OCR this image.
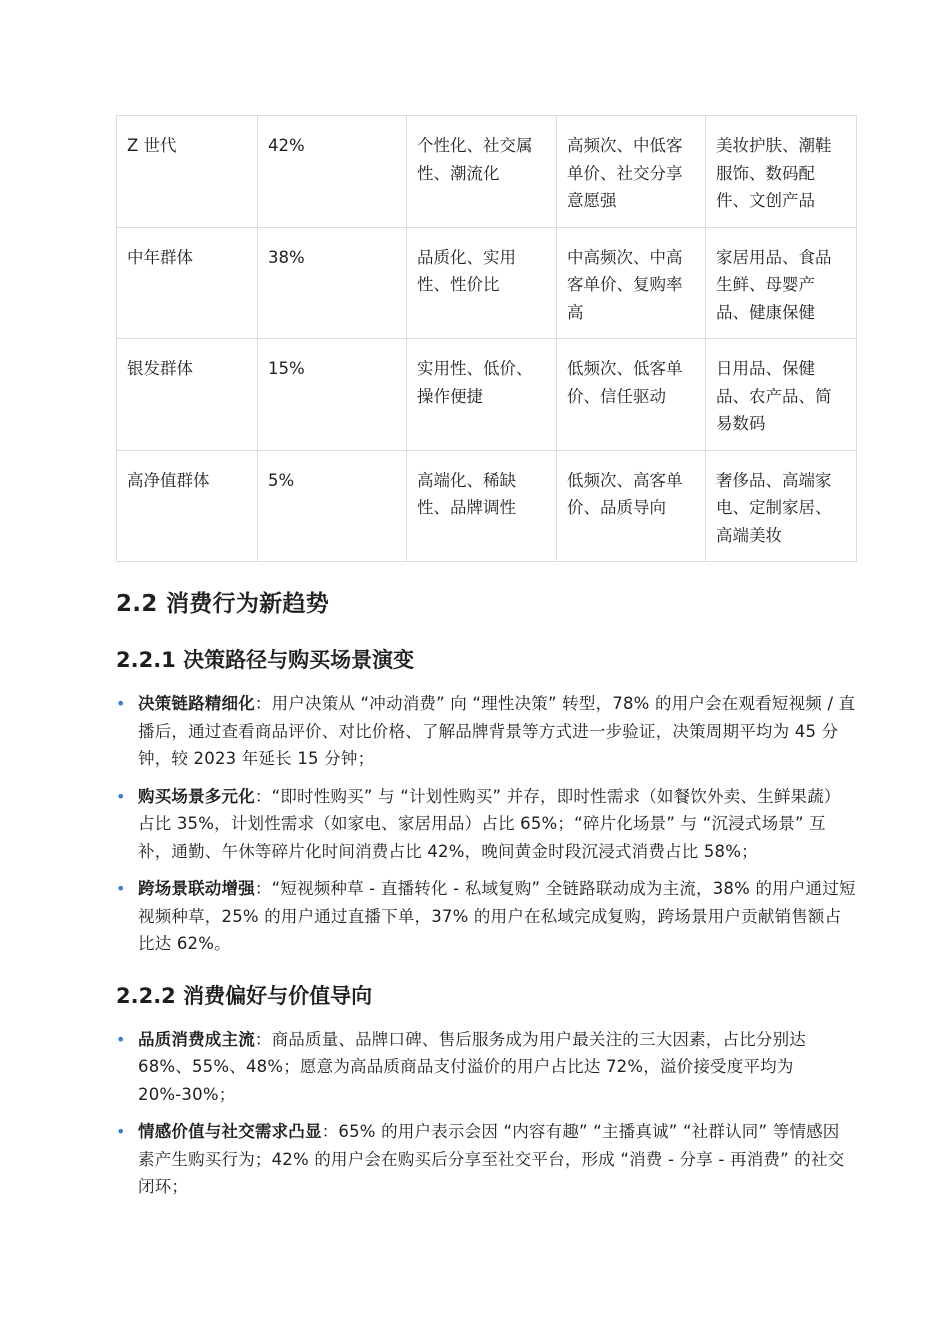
Z 世代	42%	个性化、社交属性、潮流化	高频次、中低客单价、社交分享意愿强	美妆护肤、潮鞋服饰、数码配件、文创产品
中年群体	38%	品质化、实用性、性价比	中高频次、中高客单价、复购率高	家居用品、食品生鲜、母婴产品、健康保健
银发群体	15%	实用性、低价、操作便捷	低频次、低客单价、信任驱动	日用品、保健品、农产品、简易数码
高净值群体	5%	高端化、稀缺性、品牌调性	低频次、高客单价、品质导向	奢侈品、高端家电、定制家居、高端美妆
2.2 消费行为新趋势
2.2.1 决策路径与购买场景演变
• 决策链路精细化：用户决策从 “冲动消费” 向 “理性决策” 转型，78% 的用户会在观看短视频 / 直播后，通过查看商品评价、对比价格、了解品牌背景等方式进一步验证，决策周期平均为 45 分钟，较 2023 年延长 15 分钟；
• 购买场景多元化：“即时性购买” 与 “计划性购买” 并存，即时性需求（如餐饮外卖、生鲜果蔬）占比 35%，计划性需求（如家电、家居用品）占比 65%；“碎片化场景” 与 “沉浸式场景” 互补，通勤、午休等碎片化时间消费占比 42%，晚间黄金时段沉浸式消费占比 58%；
• 跨场景联动增强：“短视频种草 - 直播转化 - 私域复购” 全链路联动成为主流，38% 的用户通过短视频种草，25% 的用户通过直播下单，37% 的用户在私域完成复购，跨场景用户贡献销售额占比达 62%。
2.2.2 消费偏好与价值导向
• 品质消费成主流：商品质量、品牌口碑、售后服务成为用户最关注的三大因素，占比分别达 68%、55%、48%；愿意为高品质商品支付溢价的用户占比达 72%，溢价接受度平均为 20%-30%；
• 情感价值与社交需求凸显：65% 的用户表示会因 “内容有趣” “主播真诚” “社群认同” 等情感因素产生购买行为；42% 的用户会在购买后分享至社交平台，形成 “消费 - 分享 - 再消费” 的社交闭环；
